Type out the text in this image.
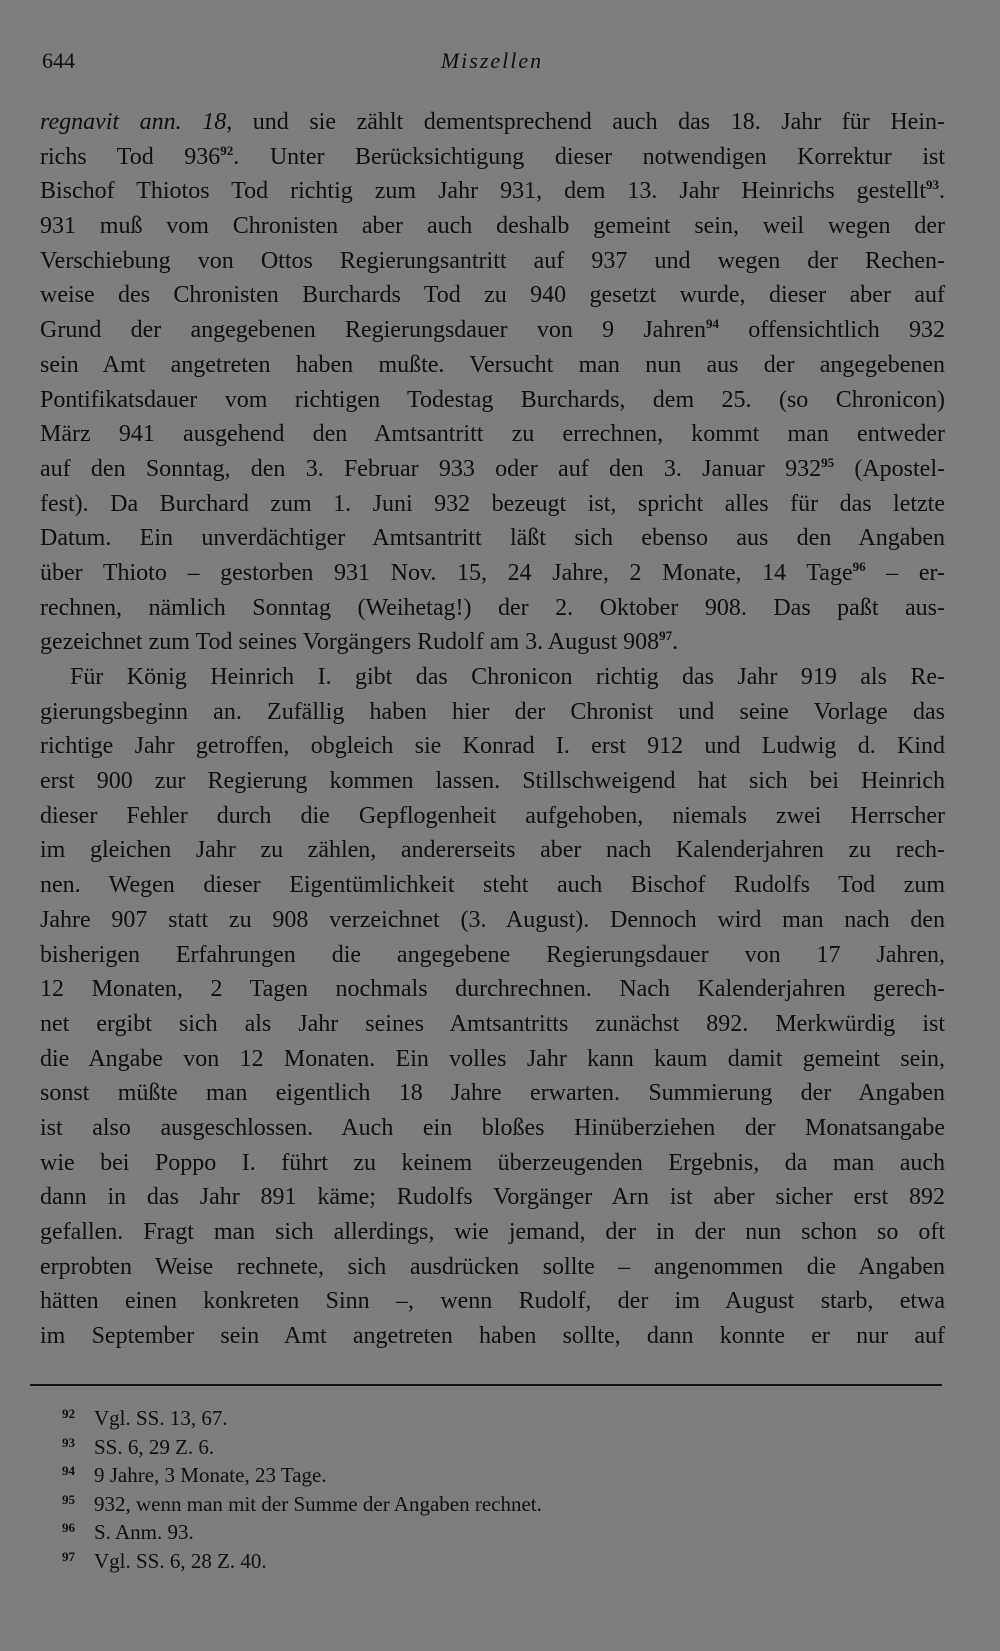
644	Miszellen
regnavit ann. 18, und sie zählt dementsprechend auch das 18. Jahr für Hein-
richs Tod $936^{92}$. Unter Berücksichtigung dieser notwendigen Korrektur ist
Bischof Thiotos Tod richtig zum Jahr 931, dem 13. Jahr Heinrichs gestellt$^{93}$.
931 muß vom Chronisten aber auch deshalb gemeint sein, weil wegen der
Verschiebung von Ottos Regierungsantritt auf 937 und wegen der Rechen-
weise des Chronisten Burchards Tod zu 940 gesetzt wurde, dieser aber auf
Grund der angegebenen Regierungsdauer von 9 Jahren$^{94}$ offensichtlich 932
sein Amt angetreten haben mußte. Versucht man nun aus der angegebenen
Pontifikatsdauer vom richtigen Todestag Burchards, dem 25. (so Chronicon)
März 941 ausgehend den Amtsantritt zu errechnen, kommt man entweder
auf den Sonntag, den 3. Februar 933 oder auf den 3. Januar $932^{95}$ (Apostel-
fest). Da Burchard zum 1. Juni 932 bezeugt ist, spricht alles für das letzte
Datum. Ein unverdächtiger Amtsantritt läßt sich ebenso aus den Angaben
über Thioto – gestorben 931 Nov. 15, 24 Jahre, 2 Monate, 14 Tage$^{96}$ – er-
rechnen, nämlich Sonntag (Weihetag!) der 2. Oktober 908. Das paßt aus-
gezeichnet zum Tod seines Vorgängers Rudolf am 3. August $908^{97}$.
Für König Heinrich I. gibt das Chronicon richtig das Jahr 919 als Re-
gierungsbeginn an. Zufällig haben hier der Chronist und seine Vorlage das
richtige Jahr getroffen, obgleich sie Konrad I. erst 912 und Ludwig d. Kind
erst 900 zur Regierung kommen lassen. Stillschweigend hat sich bei Heinrich
dieser Fehler durch die Gepflogenheit aufgehoben, niemals zwei Herrscher
im gleichen Jahr zu zählen, andererseits aber nach Kalenderjahren zu rech-
nen. Wegen dieser Eigentümlichkeit steht auch Bischof Rudolfs Tod zum
Jahre 907 statt zu 908 verzeichnet (3. August). Dennoch wird man nach den
bisherigen Erfahrungen die angegebene Regierungsdauer von 17 Jahren,
12 Monaten, 2 Tagen nochmals durchrechnen. Nach Kalenderjahren gerech-
net ergibt sich als Jahr seines Amtsantritts zunächst 892. Merkwürdig ist
die Angabe von 12 Monaten. Ein volles Jahr kann kaum damit gemeint sein,
sonst müßte man eigentlich 18 Jahre erwarten. Summierung der Angaben
ist also ausgeschlossen. Auch ein bloßes Hinüberziehen der Monatsangabe
wie bei Poppo I. führt zu keinem überzeugenden Ergebnis, da man auch
dann in das Jahr 891 käme; Rudolfs Vorgänger Arn ist aber sicher erst 892
gefallen. Fragt man sich allerdings, wie jemand, der in der nun schon so oft
erprobten Weise rechnete, sich ausdrücken sollte – angenommen die Angaben
hätten einen konkreten Sinn –, wenn Rudolf, der im August starb, etwa
im September sein Amt angetreten haben sollte, dann konnte er nur auf
92 Vgl. SS. 13, 67.
93 SS. 6, 29 Z. 6.
94 9 Jahre, 3 Monate, 23 Tage.
95 932, wenn man mit der Summe der Angaben rechnet.
96 S. Anm. 93.
97 Vgl. SS. 6, 28 Z. 40.
